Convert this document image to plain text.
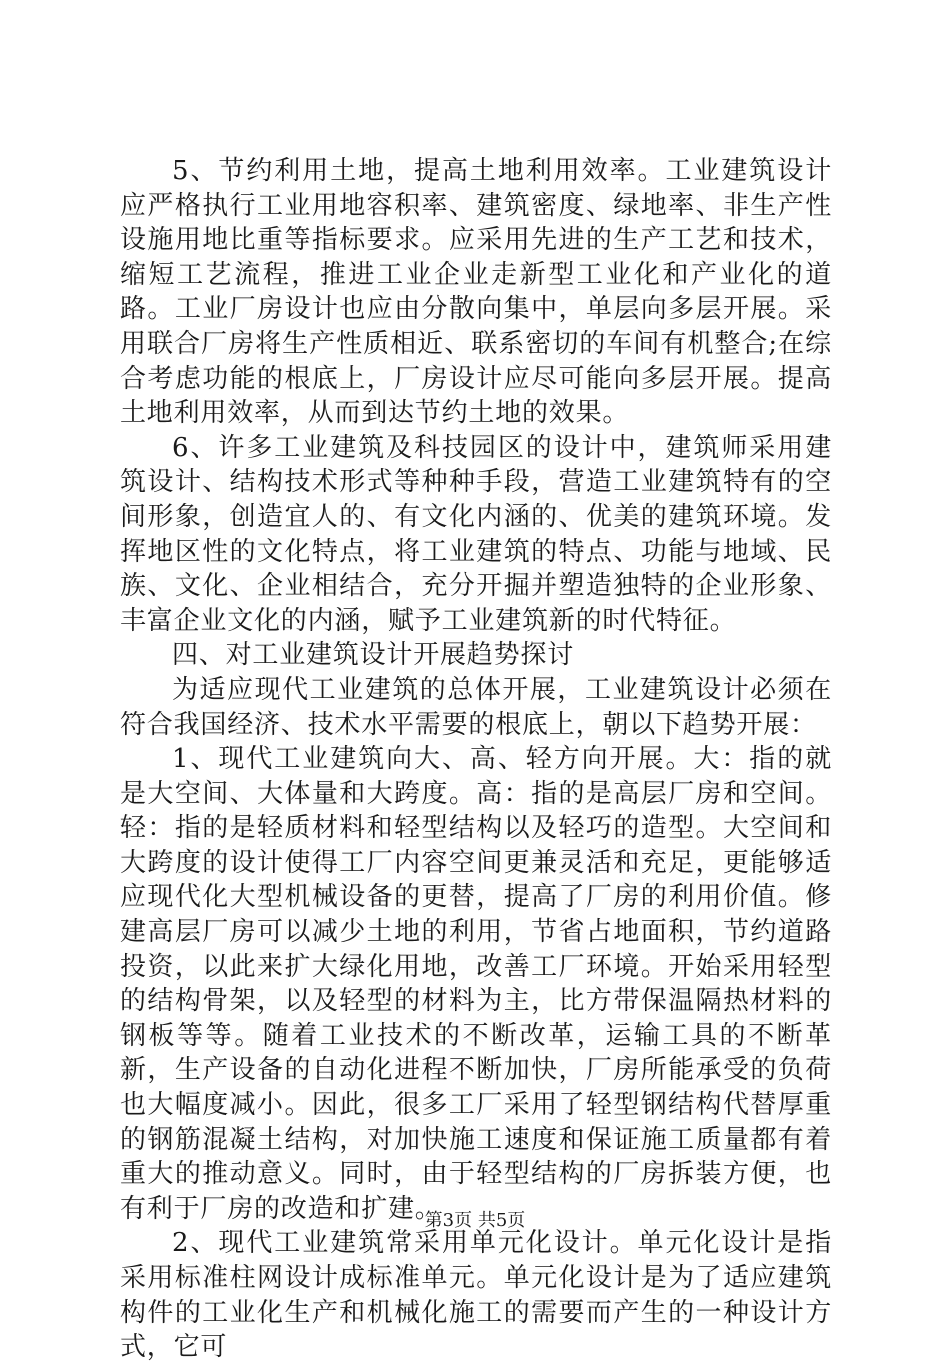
5、节约利用土地，提高土地利用效率。工业建筑设计应严格执行工业用地容积率、建筑密度、绿地率、非生产性设施用地比重等指标要求。应采用先进的生产工艺和技术，缩短工艺流程，推进工业企业走新型工业化和产业化的道路。工业厂房设计也应由分散向集中，单层向多层开展。采用联合厂房将生产性质相近、联系密切的车间有机整合;在综合考虑功能的根底上，厂房设计应尽可能向多层开展。提高土地利用效率，从而到达节约土地的效果。

6、许多工业建筑及科技园区的设计中，建筑师采用建筑设计、结构技术形式等种种手段，营造工业建筑特有的空间形象，创造宜人的、有文化内涵的、优美的建筑环境。发挥地区性的文化特点，将工业建筑的特点、功能与地域、民族、文化、企业相结合，充分开掘并塑造独特的企业形象、丰富企业文化的内涵，赋予工业建筑新的时代特征。

四、对工业建筑设计开展趋势探讨

为适应现代工业建筑的总体开展，工业建筑设计必须在符合我国经济、技术水平需要的根底上，朝以下趋势开展：

1、现代工业建筑向大、高、轻方向开展。大：指的就是大空间、大体量和大跨度。高：指的是高层厂房和空间。轻：指的是轻质材料和轻型结构以及轻巧的造型。大空间和大跨度的设计使得工厂内容空间更兼灵活和充足，更能够适应现代化大型机械设备的更替，提高了厂房的利用价值。修建高层厂房可以减少土地的利用，节省占地面积，节约道路投资，以此来扩大绿化用地，改善工厂环境。开始采用轻型的结构骨架，以及轻型的材料为主，比方带保温隔热材料的钢板等等。随着工业技术的不断改革，运输工具的不断革新，生产设备的自动化进程不断加快，厂房所能承受的负荷也大幅度减小。因此，很多工厂采用了轻型钢结构代替厚重的钢筋混凝土结构，对加快施工速度和保证施工质量都有着重大的推动意义。同时，由于轻型结构的厂房拆装方便，也有利于厂房的改造和扩建。

2、现代工业建筑常采用单元化设计。单元化设计是指采用标准柱网设计成标准单元。单元化设计是为了适应建筑构件的工业化生产和机械化施工的需要而产生的一种设计方式，它可

第3页 共5页
